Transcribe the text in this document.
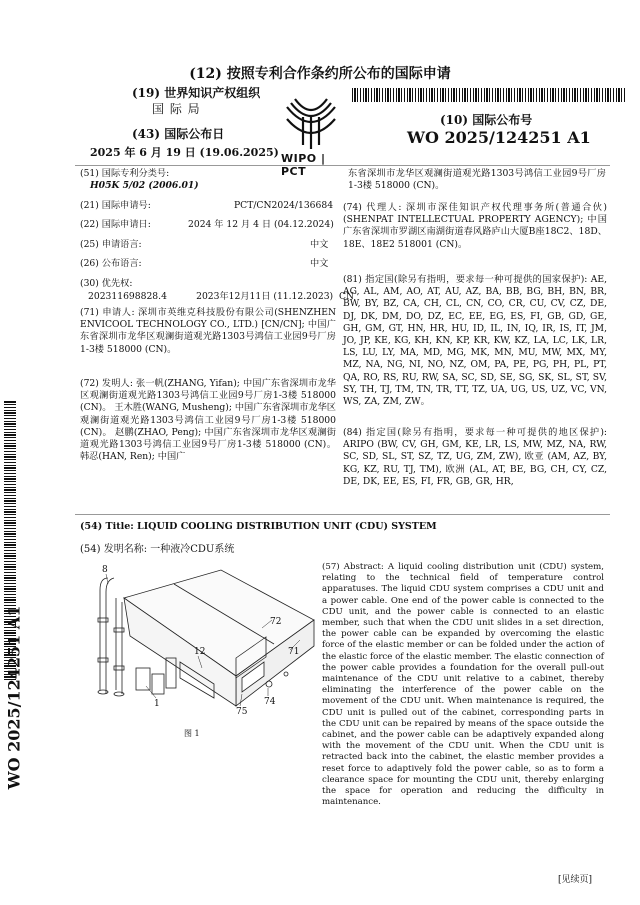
(12) 按照专利合作条约所公布的国际申请
(19) 世界知识产权组织
国 际 局
(43) 国际公布日
2025 年 6 月 19 日 (19.06.2025)
(10) 国际公布号
WO 2025/124251 A1
WIPO | PCT
(51) 国际专利分类号:
H05K 5/02 (2006.01)
(21) 国际申请号:	PCT/CN2024/136684
(22) 国际申请日:	2024 年 12 月 4 日 (04.12.2024)
(25) 申请语言:	中文
(26) 公布语言:	中文
(30) 优先权:
202311698828.4          2023年12月11日 (11.12.2023)  CN
(71) 申请人: 深圳市英维克科技股份有限公司(SHENZHEN ENVICOOL TECHNOLOGY CO., LTD.) [CN/CN]; 中国广东省深圳市龙华区观澜街道观光路1303号鸿信工业园9号厂房1-3楼 518000 (CN)。
(72) 发明人: 张一帆(ZHANG, Yifan); 中国广东省深圳市龙华区观澜街道观光路1303号鸿信工业园9号厂房1-3楼 518000 (CN)。 王木胜(WANG, Musheng); 中国广东省深圳市龙华区观澜街道观光路1303号鸿信工业园9号厂房1-3楼 518000 (CN)。 赵鹏(ZHAO, Peng); 中国广东省深圳市龙华区观澜街道观光路1303号鸿信工业园9号厂房1-3楼 518000 (CN)。 韩忍(HAN, Ren); 中国广
东省深圳市龙华区观澜街道观光路1303号鸿信工业园9号厂房1-3楼 518000 (CN)。
(74) 代理人: 深圳市深佳知识产权代理事务所(普通合伙) (SHENPAT INTELLECTUAL PROPERTY AGENCY); 中国广东省深圳市罗湖区南湖街道春风路庐山大厦B座18C2、18D、18E、18E2 518001 (CN)。
(81) 指定国(除另有指明，要求每一种可提供的国家保护): AE, AG, AL, AM, AO, AT, AU, AZ, BA, BB, BG, BH, BN, BR, BW, BY, BZ, CA, CH, CL, CN, CO, CR, CU, CV, CZ, DE, DJ, DK, DM, DO, DZ, EC, EE, EG, ES, FI, GB, GD, GE, GH, GM, GT, HN, HR, HU, ID, IL, IN, IQ, IR, IS, IT, JM, JO, JP, KE, KG, KH, KN, KP, KR, KW, KZ, LA, LC, LK, LR, LS, LU, LY, MA, MD, MG, MK, MN, MU, MW, MX, MY, MZ, NA, NG, NI, NO, NZ, OM, PA, PE, PG, PH, PL, PT, QA, RO, RS, RU, RW, SA, SC, SD, SE, SG, SK, SL, ST, SV, SY, TH, TJ, TM, TN, TR, TT, TZ, UA, UG, US, UZ, VC, VN, WS, ZA, ZM, ZW。
(84) 指定国(除另有指明，要求每一种可提供的地区保护): ARIPO (BW, CV, GH, GM, KE, LR, LS, MW, MZ, NA, RW, SC, SD, SL, ST, SZ, TZ, UG, ZM, ZW), 欧亚 (AM, AZ, BY, KG, KZ, RU, TJ, TM), 欧洲 (AL, AT, BE, BG, CH, CY, CZ, DE, DK, EE, ES, FI, FR, GB, GR, HR,
(54) Title: LIQUID COOLING DISTRIBUTION UNIT (CDU) SYSTEM
(54) 发明名称: 一种液冷CDU系统
8
72
12	71
1	74
75
图 1
(57) Abstract: A liquid cooling distribution unit (CDU) system, relating to the technical field of temperature control apparatuses. The liquid CDU system comprises a CDU unit and a power cable. One end of the power cable is connected to the CDU unit, and the power cable is connected to an elastic member, such that when the CDU unit slides in a set direction, the power cable can be expanded by overcoming the elastic force of the elastic member or can be folded under the action of the elastic force of the elastic member. The elastic connection of the power cable provides a foundation for the overall pull-out maintenance of the CDU unit relative to a cabinet, thereby eliminating the interference of the power cable on the movement of the CDU unit. When maintenance is required, the CDU unit is pulled out of the cabinet, corresponding parts in the CDU unit can be repaired by means of the space outside the cabinet, and the power cable can be adaptively expanded along with the movement of the CDU unit. When the CDU unit is retracted back into the cabinet, the elastic member provides a reset force to adaptively fold the power cable, so as to form a clearance space for mounting the CDU unit, thereby enlarging the space for operation and reducing the difficulty in maintenance.
WO 2025/124251 A1
[见续页]
